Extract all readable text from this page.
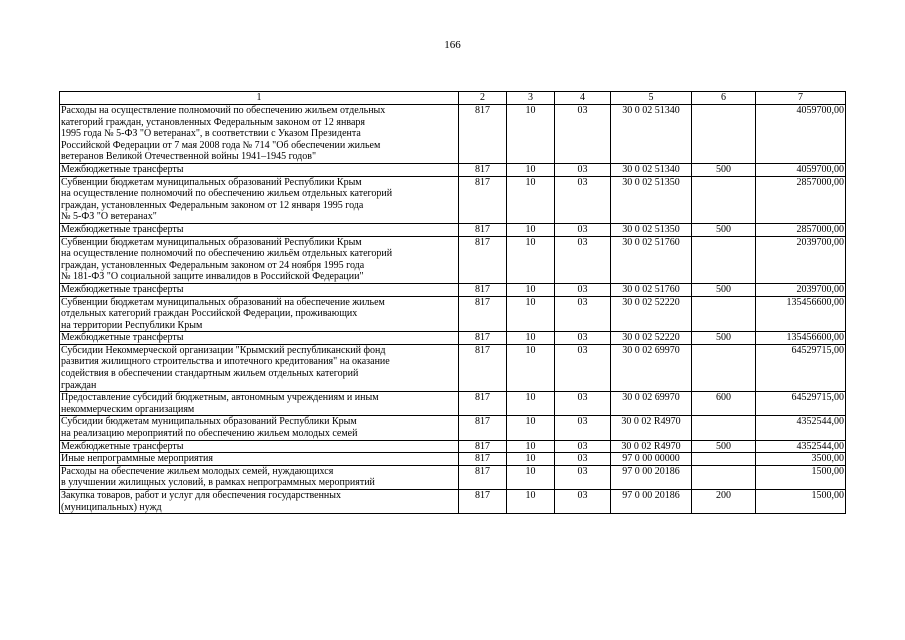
166
1	2	3	4	5	6	7

Расходы на осуществление полномочий по обеспечению жильем отдельных
категорий граждан, установленных Федеральным законом от 12 января
1995 года № 5-ФЗ "О ветеранах", в соответствии с Указом Президента
Российской Федерации от 7 мая 2008 года № 714 "Об обеспечении жильем
ветеранов Великой Отечественной войны 1941–1945 годов"	817	10	03	30 0 02 51340		4059700,00

Межбюджетные трансферты	817	10	03	30 0 02 51340	500	4059700,00

Субвенции бюджетам муниципальных образований Республики Крым
на осуществление полномочий по обеспечению жильем отдельных категорий
граждан, установленных Федеральным законом от 12 января 1995 года
№ 5-ФЗ "О ветеранах"	817	10	03	30 0 02 51350		2857000,00

Межбюджетные трансферты	817	10	03	30 0 02 51350	500	2857000,00

Субвенции бюджетам муниципальных образований Республики Крым
на осуществление полномочий по обеспечению жильём отдельных категорий
граждан, установленных Федеральным законом от 24 ноября 1995 года
№ 181-ФЗ "О социальной защите инвалидов в Российской Федерации"	817	10	03	30 0 02 51760		2039700,00

Межбюджетные трансферты	817	10	03	30 0 02 51760	500	2039700,00

Субвенции бюджетам муниципальных образований на обеспечение жильем
отдельных категорий граждан Российской Федерации, проживающих
на территории Республики Крым	817	10	03	30 0 02 52220		135456600,00

Межбюджетные трансферты	817	10	03	30 0 02 52220	500	135456600,00

Субсидии Некоммерческой организации "Крымский республиканский фонд
развития жилищного строительства и ипотечного кредитования" на оказание
содействия в обеспечении стандартным жильем отдельных категорий
граждан	817	10	03	30 0 02 69970		64529715,00

Предоставление субсидий бюджетным, автономным учреждениям и иным
некоммерческим организациям	817	10	03	30 0 02 69970	600	64529715,00

Субсидии бюджетам муниципальных образований Республики Крым
на реализацию мероприятий по обеспечению жильем молодых семей	817	10	03	30 0 02 R4970		4352544,00

Межбюджетные трансферты	817	10	03	30 0 02 R4970	500	4352544,00

Иные непрограммные мероприятия	817	10	03	97 0 00 00000		3500,00

Расходы на обеспечение жильем молодых семей, нуждающихся
в улучшении жилищных условий, в рамках непрограммных мероприятий	817	10	03	97 0 00 20186		1500,00

Закупка товаров, работ и услуг для обеспечения государственных
(муниципальных) нужд	817	10	03	97 0 00 20186	200	1500,00
